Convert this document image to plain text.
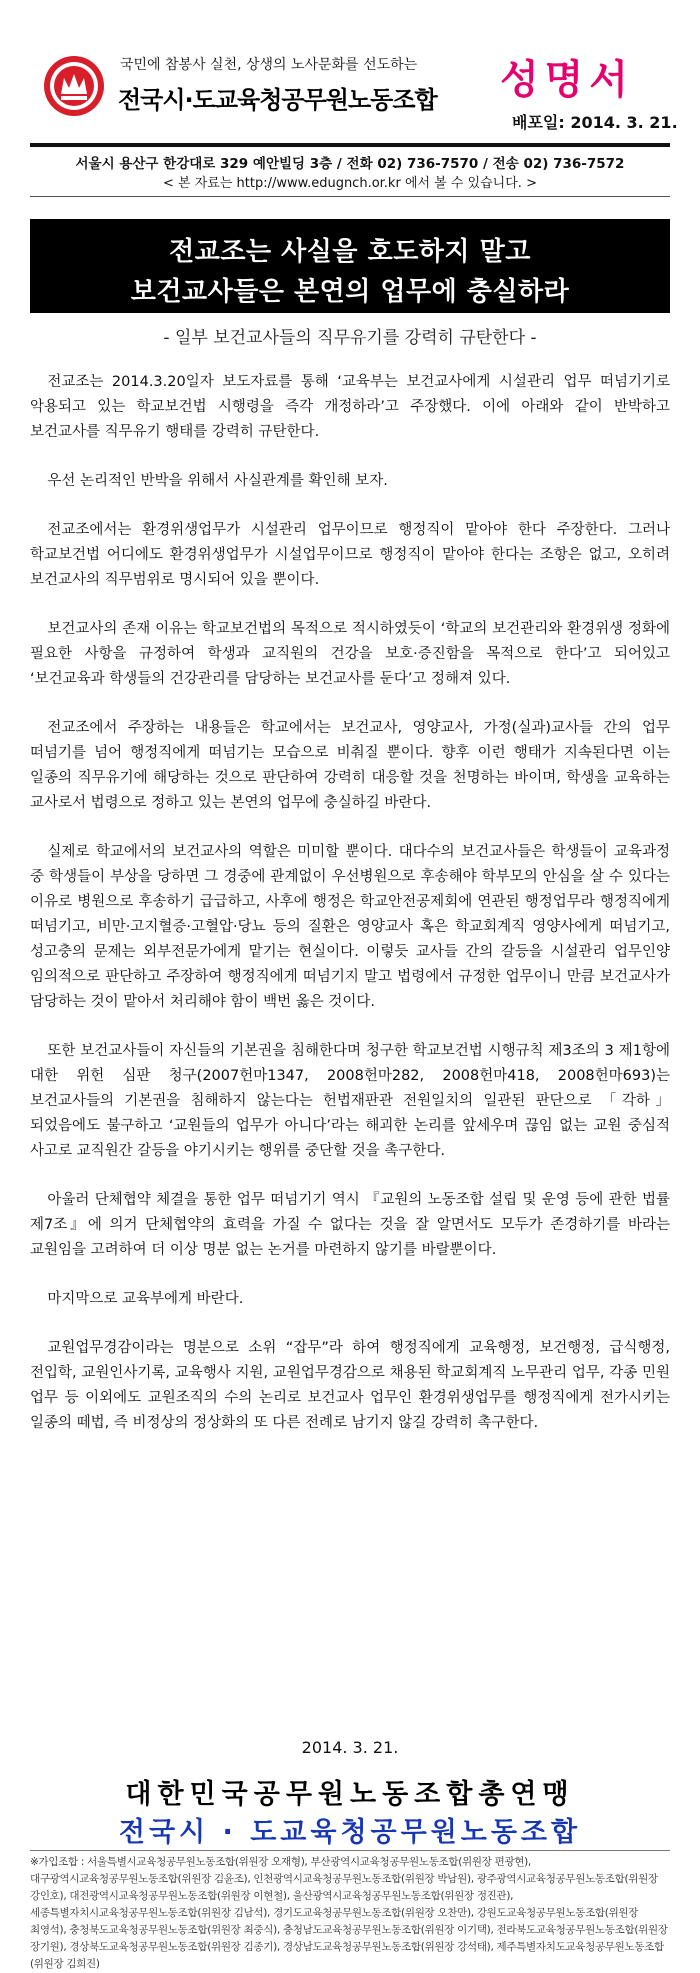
국민에 참봉사 실천, 상생의 노사문화를 선도하는
전국시·도교육청공무원노동조합 성명서
배포일: 2014. 3. 21.
서울시 용산구 한강대로 329 예안빌딩 3층 / 전화 02) 736-7570 / 전송 02) 736-7572
< 본 자료는 http://www.edugnch.or.kr 에서 볼 수 있습니다. >
전교조는 사실을 호도하지 말고
보건교사들은 본연의 업무에 충실하라
- 일부 보건교사들의 직무유기를 강력히 규탄한다 -

전교조는 2014.3.20일자 보도자료를 통해 ‘교육부는 보건교사에게 시설관리 업무 떠넘기기로 악용되고 있는 학교보건법 시행령을 즉각 개정하라’고 주장했다. 이에 아래와 같이 반박하고 보건교사를 직무유기 행태를 강력히 규탄한다.

우선 논리적인 반박을 위해서 사실관계를 확인해 보자.

전교조에서는 환경위생업무가 시설관리 업무이므로 행정직이 맡아야 한다 주장한다. 그러나 학교보건법 어디에도 환경위생업무가 시설업무이므로 행정직이 맡아야 한다는 조항은 없고, 오히려 보건교사의 직무범위로 명시되어 있을 뿐이다.

보건교사의 존재 이유는 학교보건법의 목적으로 적시하였듯이 ‘학교의 보건관리와 환경위생 정화에 필요한 사항을 규정하여 학생과 교직원의 건강을 보호·증진함을 목적으로 한다’고 되어있고 ‘보건교육과 학생들의 건강관리를 담당하는 보건교사를 둔다’고 정해져 있다.

전교조에서 주장하는 내용들은 학교에서는 보건교사, 영양교사, 가정(실과)교사들 간의 업무 떠넘기를 넘어 행정직에게 떠넘기는 모습으로 비춰질 뿐이다. 향후 이런 행태가 지속된다면 이는 일종의 직무유기에 해당하는 것으로 판단하여 강력히 대응할 것을 천명하는 바이며, 학생을 교육하는 교사로서 법령으로 정하고 있는 본연의 업무에 충실하길 바란다.

실제로 학교에서의 보건교사의 역할은 미미할 뿐이다. 대다수의 보건교사들은 학생들이 교육과정 중 학생들이 부상을 당하면 그 경중에 관계없이 우선병원으로 후송해야 학부모의 안심을 살 수 있다는 이유로 병원으로 후송하기 급급하고, 사후에 행정은 학교안전공제회에 연관된 행정업무라 행정직에게 떠넘기고, 비만·고지혈증·고혈압·당뇨 등의 질환은 영양교사 혹은 학교회계직 영양사에게 떠넘기고, 성고충의 문제는 외부전문가에게 맡기는 현실이다. 이렇듯 교사들 간의 갈등을 시설관리 업무인양 임의적으로 판단하고 주장하여 행정직에게 떠넘기지 말고 법령에서 규정한 업무이니 만큼 보건교사가 담당하는 것이 맡아서 처리해야 함이 백번 옳은 것이다.

또한 보건교사들이 자신들의 기본권을 침해한다며 청구한 학교보건법 시행규칙 제3조의 3 제1항에 대한 위헌 심판 청구(2007헌마1347, 2008헌마282, 2008헌마418, 2008헌마693)는 보건교사들의 기본권을 침해하지 않는다는 헌법재판관 전원일치의 일관된 판단으로 「각하」되었음에도 불구하고 ‘교원들의 업무가 아니다’라는 해괴한 논리를 앞세우며 끊임 없는 교원 중심적 사고로 교직원간 갈등을 야기시키는 행위를 중단할 것을 촉구한다.

아울러 단체협약 체결을 통한 업무 떠넘기기 역시 『교원의 노동조합 설립 및 운영 등에 관한 법률 제7조』에 의거 단체협약의 효력을 가질 수 없다는 것을 잘 알면서도 모두가 존경하기를 바라는 교원임을 고려하여 더 이상 명분 없는 논거를 마련하지 않기를 바랄뿐이다.

마지막으로 교육부에게 바란다.

교원업무경감이라는 명분으로 소위 “잡무”라 하여 행정직에게 교육행정, 보건행정, 급식행정, 전입학, 교원인사기록, 교육행사 지원, 교원업무경감으로 채용된 학교회계직 노무관리 업무, 각종 민원 업무 등 이외에도 교원조직의 수의 논리로 보건교사 업무인 환경위생업무를 행정직에게 전가시키는 일종의 떼법, 즉 비정상의 정상화의 또 다른 전례로 남기지 않길 강력히 촉구한다.

2014. 3. 21.
대한민국공무원노동조합총연맹
전국시 · 도교육청공무원노동조합
※가입조합 : 서울특별시교육청공무원노동조합(위원장 오재형), 부산광역시교육청공무원노동조합(위원장 편광현), 대구광역시교육청공무원노동조합(위원장 김윤조), 인천광역시교육청공무원노동조합(위원장 박남원), 광주광역시교육청공무원노동조합(위원장 강인호), 대전광역시교육청공무원노동조합(위원장 이현철), 울산광역시교육청공무원노동조합(위원장 정진관), 세종특별자치시교육청공무원노동조합(위원장 김남석), 경기도교육청공무원노동조합(위원장 오찬만), 강원도교육청공무원노동조합(위원장 최영석), 충청북도교육청공무원노동조합(위원장 최중식), 충청남도교육청공무원노동조합(위원장 이기택), 전라북도교육청공무원노동조합(위원장 장기원), 경상북도교육청공무원노동조합(위원장 김종기), 경상남도교육청공무원노동조합(위원장 강석태), 제주특별자치도교육청공무원노동조합(위원장 김희진)
